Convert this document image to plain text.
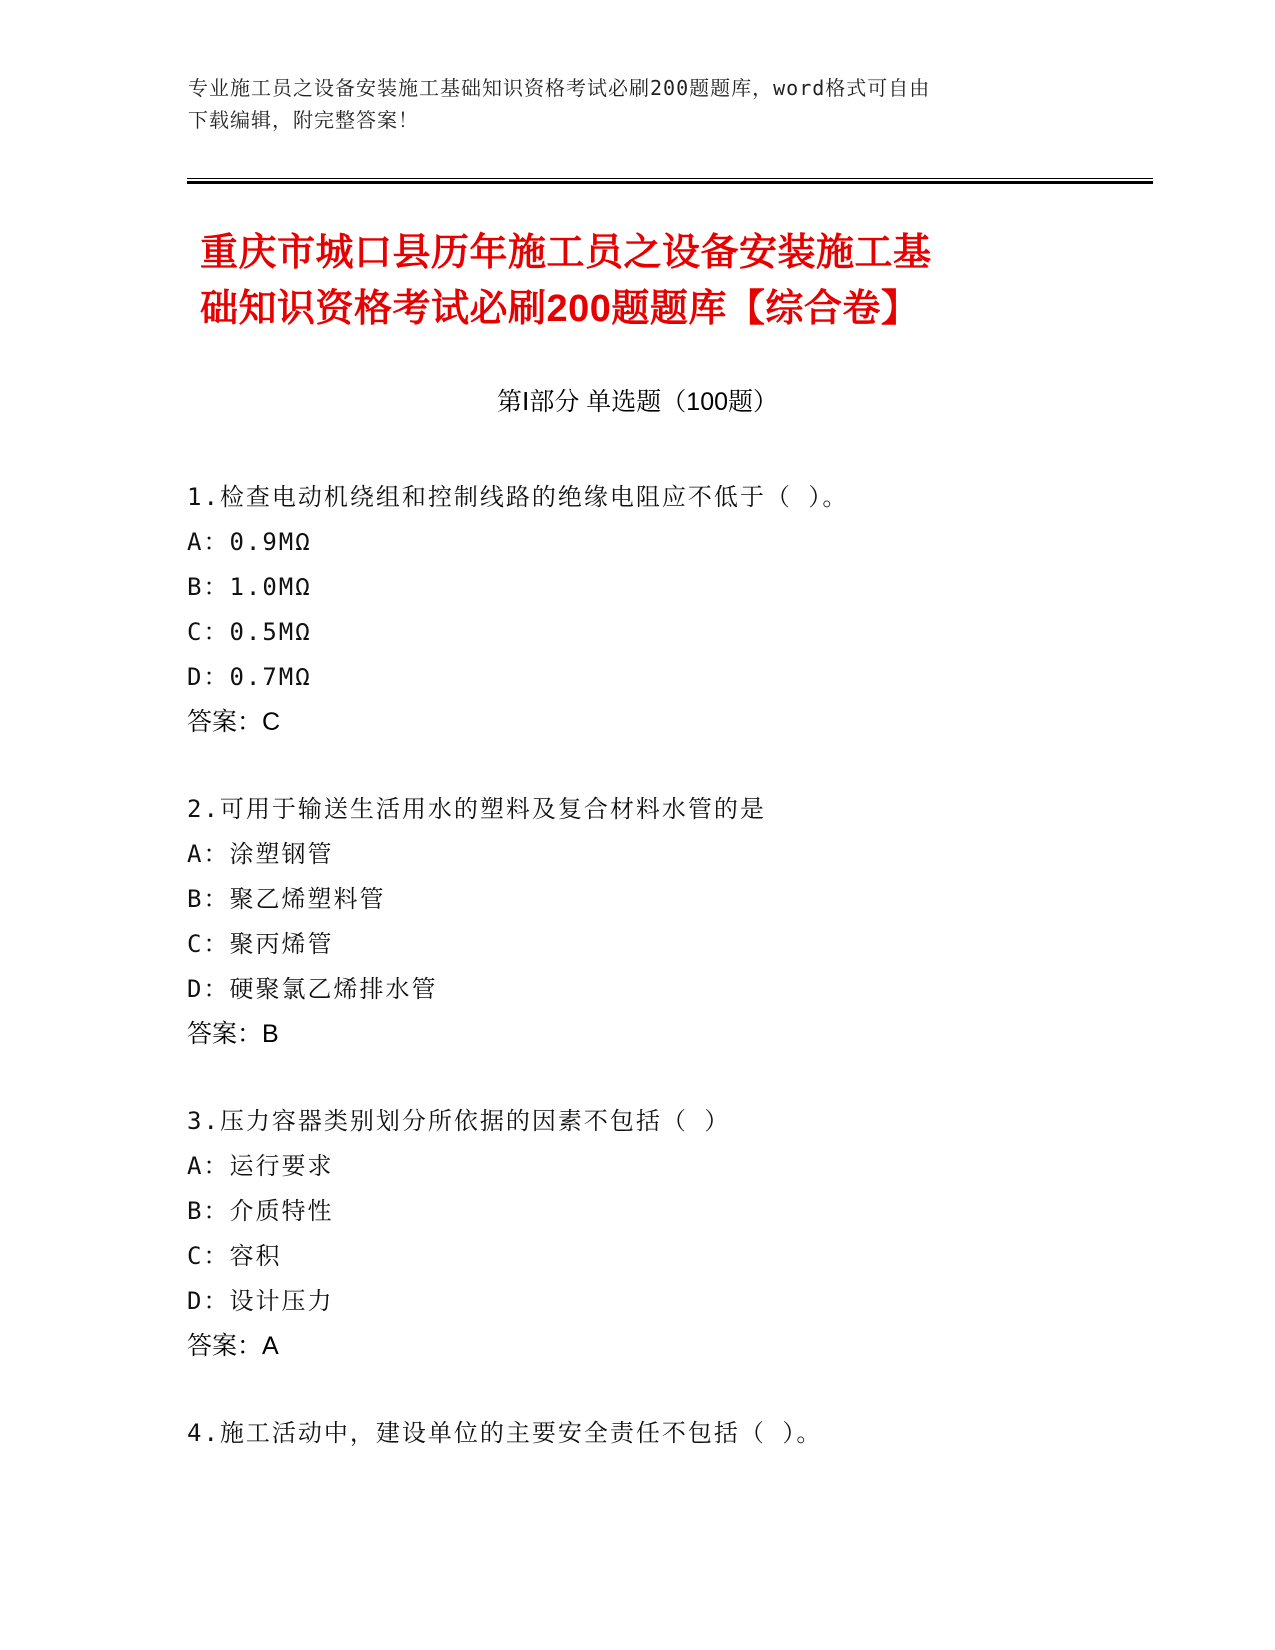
专业施工员之设备安装施工基础知识资格考试必刷200题题库，word格式可自由
下载编辑，附完整答案！
重庆市城口县历年施工员之设备安装施工基
础知识资格考试必刷200题题库【综合卷】
第Ⅰ部分 单选题（100题）
1.检查电动机绕组和控制线路的绝缘电阻应不低于（ ）。
A：0.9MΩ
B：1.0MΩ
C：0.5MΩ
D：0.7MΩ
答案：C
2.可用于输送生活用水的塑料及复合材料水管的是
A：涂塑钢管
B：聚乙烯塑料管
C：聚丙烯管
D：硬聚氯乙烯排水管
答案：B
3.压力容器类别划分所依据的因素不包括（ ）
A：运行要求
B：介质特性
C：容积
D：设计压力
答案：A
4.施工活动中，建设单位的主要安全责任不包括（ ）。
